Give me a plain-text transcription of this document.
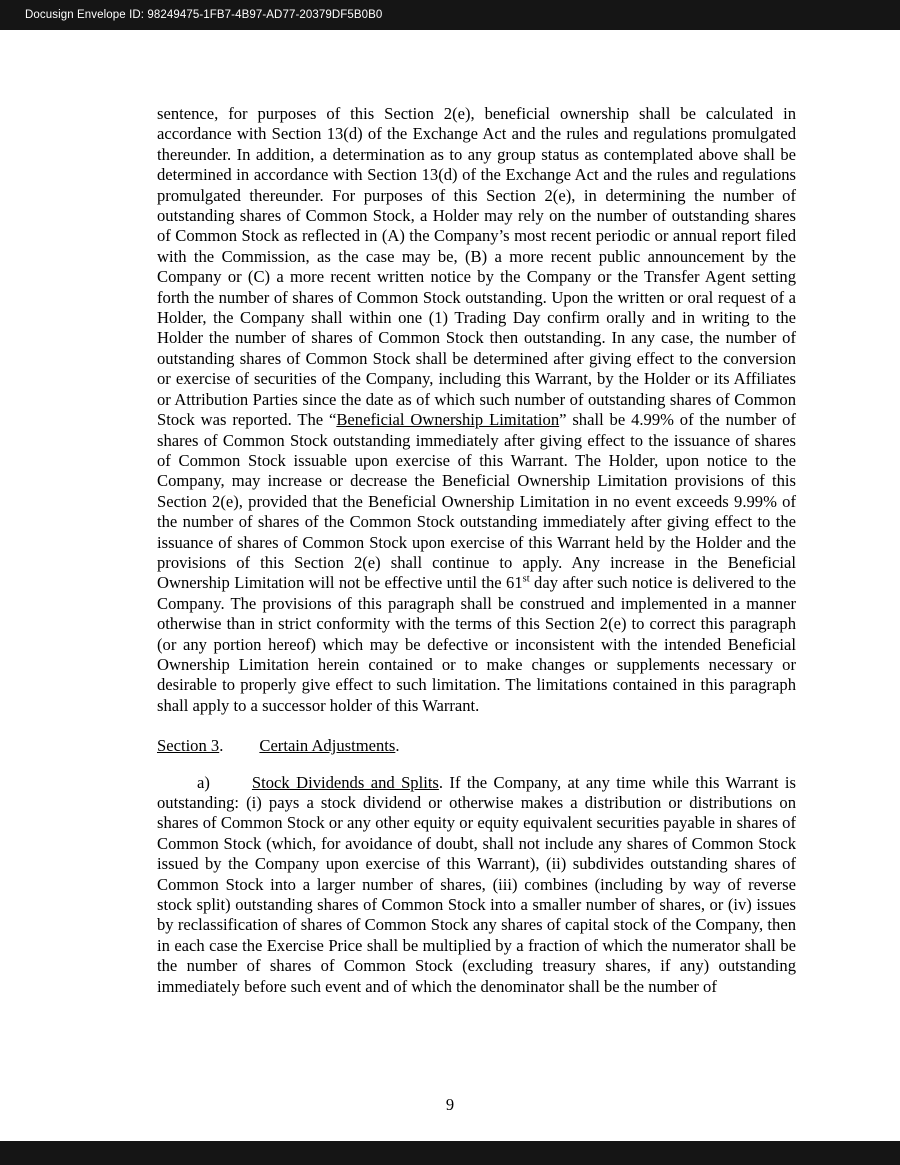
Docusign Envelope ID: 98249475-1FB7-4B97-AD77-20379DF5B0B0

sentence, for purposes of this Section 2(e), beneficial ownership shall be calculated in accordance with Section 13(d) of the Exchange Act and the rules and regulations promulgated thereunder. In addition, a determination as to any group status as contemplated above shall be determined in accordance with Section 13(d) of the Exchange Act and the rules and regulations promulgated thereunder. For purposes of this Section 2(e), in determining the number of outstanding shares of Common Stock, a Holder may rely on the number of outstanding shares of Common Stock as reflected in (A) the Company’s most recent periodic or annual report filed with the Commission, as the case may be, (B) a more recent public announcement by the Company or (C) a more recent written notice by the Company or the Transfer Agent setting forth the number of shares of Common Stock outstanding. Upon the written or oral request of a Holder, the Company shall within one (1) Trading Day confirm orally and in writing to the Holder the number of shares of Common Stock then outstanding. In any case, the number of outstanding shares of Common Stock shall be determined after giving effect to the conversion or exercise of securities of the Company, including this Warrant, by the Holder or its Affiliates or Attribution Parties since the date as of which such number of outstanding shares of Common Stock was reported. The “Beneficial Ownership Limitation” shall be 4.99% of the number of shares of Common Stock outstanding immediately after giving effect to the issuance of shares of Common Stock issuable upon exercise of this Warrant. The Holder, upon notice to the Company, may increase or decrease the Beneficial Ownership Limitation provisions of this Section 2(e), provided that the Beneficial Ownership Limitation in no event exceeds 9.99% of the number of shares of the Common Stock outstanding immediately after giving effect to the issuance of shares of Common Stock upon exercise of this Warrant held by the Holder and the provisions of this Section 2(e) shall continue to apply. Any increase in the Beneficial Ownership Limitation will not be effective until the 61st day after such notice is delivered to the Company. The provisions of this paragraph shall be construed and implemented in a manner otherwise than in strict conformity with the terms of this Section 2(e) to correct this paragraph (or any portion hereof) which may be defective or inconsistent with the intended Beneficial Ownership Limitation herein contained or to make changes or supplements necessary or desirable to properly give effect to such limitation. The limitations contained in this paragraph shall apply to a successor holder of this Warrant.

Section 3. Certain Adjustments.

a)	Stock Dividends and Splits. If the Company, at any time while this Warrant is outstanding: (i) pays a stock dividend or otherwise makes a distribution or distributions on shares of Common Stock or any other equity or equity equivalent securities payable in shares of Common Stock (which, for avoidance of doubt, shall not include any shares of Common Stock issued by the Company upon exercise of this Warrant), (ii) subdivides outstanding shares of Common Stock into a larger number of shares, (iii) combines (including by way of reverse stock split) outstanding shares of Common Stock into a smaller number of shares, or (iv) issues by reclassification of shares of Common Stock any shares of capital stock of the Company, then in each case the Exercise Price shall be multiplied by a fraction of which the numerator shall be the number of shares of Common Stock (excluding treasury shares, if any) outstanding immediately before such event and of which the denominator shall be the number of

9
